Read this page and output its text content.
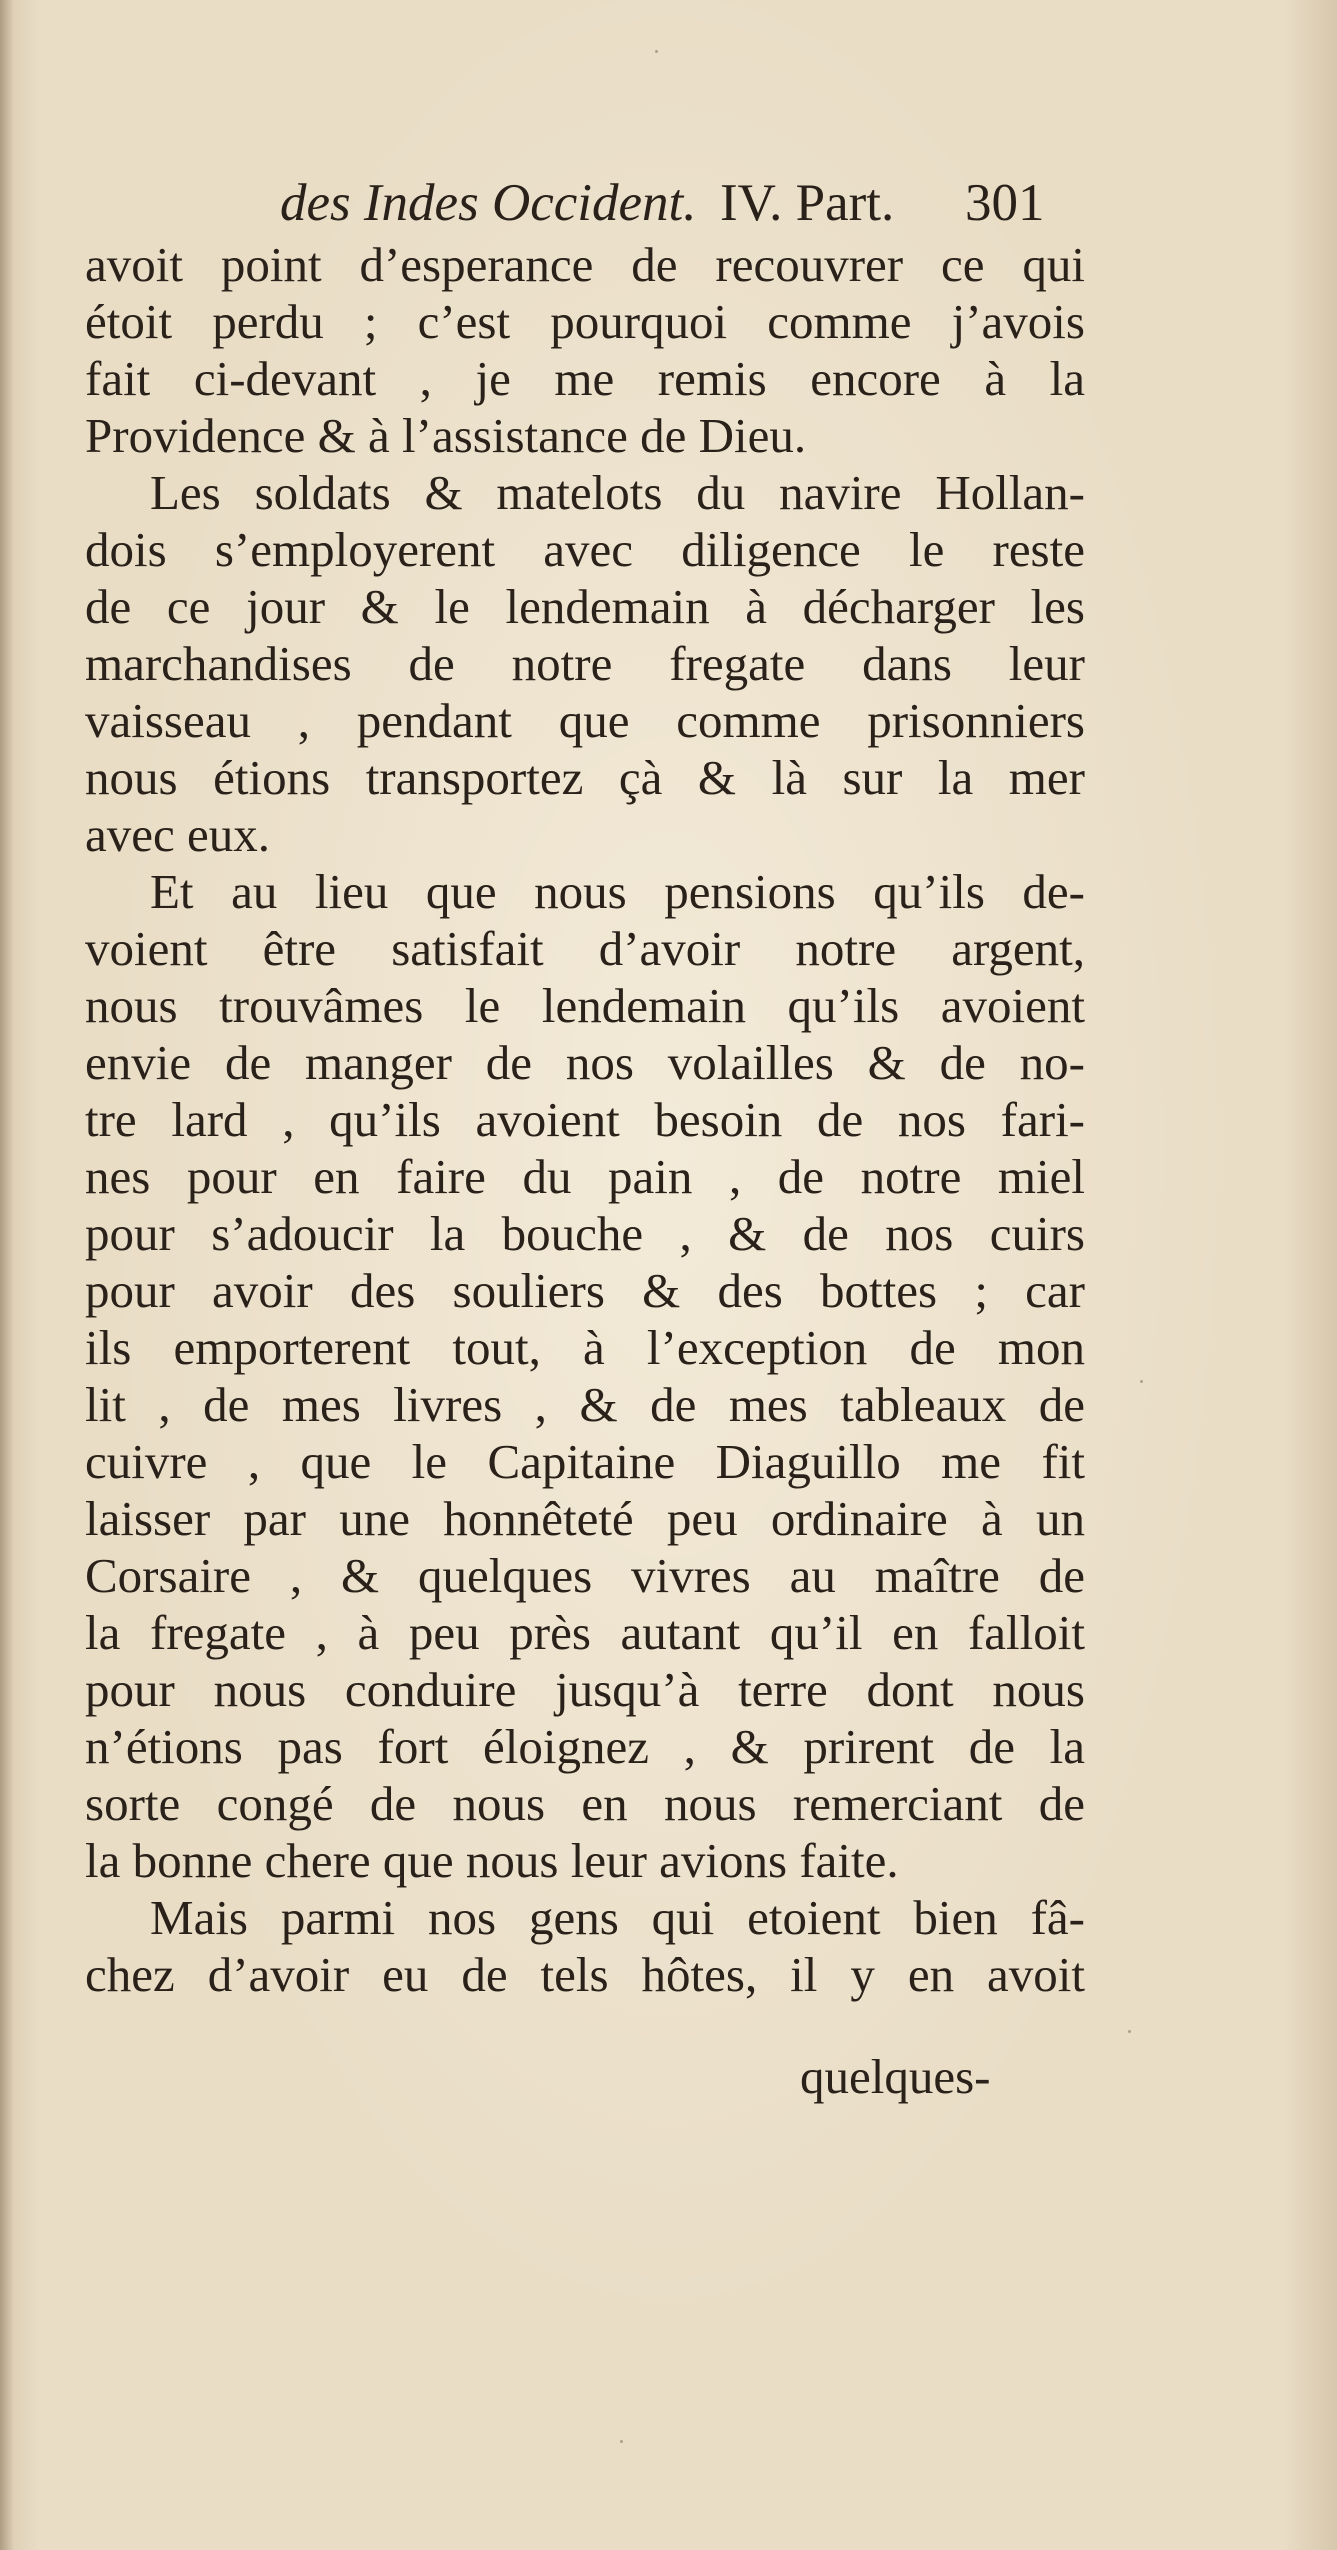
des Indes Occident. IV. Part. 301
avoit point d’esperance de recouvrer ce qui
étoit perdu ; c’est pourquoi comme j’avois
fait ci-devant , je me remis encore à la
Providence & à l’assistance de Dieu.
Les soldats & matelots du navire Hollan-
dois s’employerent avec diligence le reste
de ce jour & le lendemain à décharger les
marchandises de notre fregate dans leur
vaisseau , pendant que comme prisonniers
nous étions transportez çà & là sur la mer
avec eux.
Et au lieu que nous pensions qu’ils de-
voient être satisfait d’avoir notre argent,
nous trouvâmes le lendemain qu’ils avoient
envie de manger de nos volailles & de no-
tre lard , qu’ils avoient besoin de nos fari-
nes pour en faire du pain , de notre miel
pour s’adoucir la bouche , & de nos cuirs
pour avoir des souliers & des bottes ; car
ils emporterent tout, à l’exception de mon
lit , de mes livres , & de mes tableaux de
cuivre , que le Capitaine Diaguillo me fit
laisser par une honnêteté peu ordinaire à un
Corsaire , & quelques vivres au maître de
la fregate , à peu près autant qu’il en falloit
pour nous conduire jusqu’à terre dont nous
n’étions pas fort éloignez , & prirent de la
sorte congé de nous en nous remerciant de
la bonne chere que nous leur avions faite.
Mais parmi nos gens qui etoient bien fâ-
chez d’avoir eu de tels hôtes, il y en avoit
quelques-
